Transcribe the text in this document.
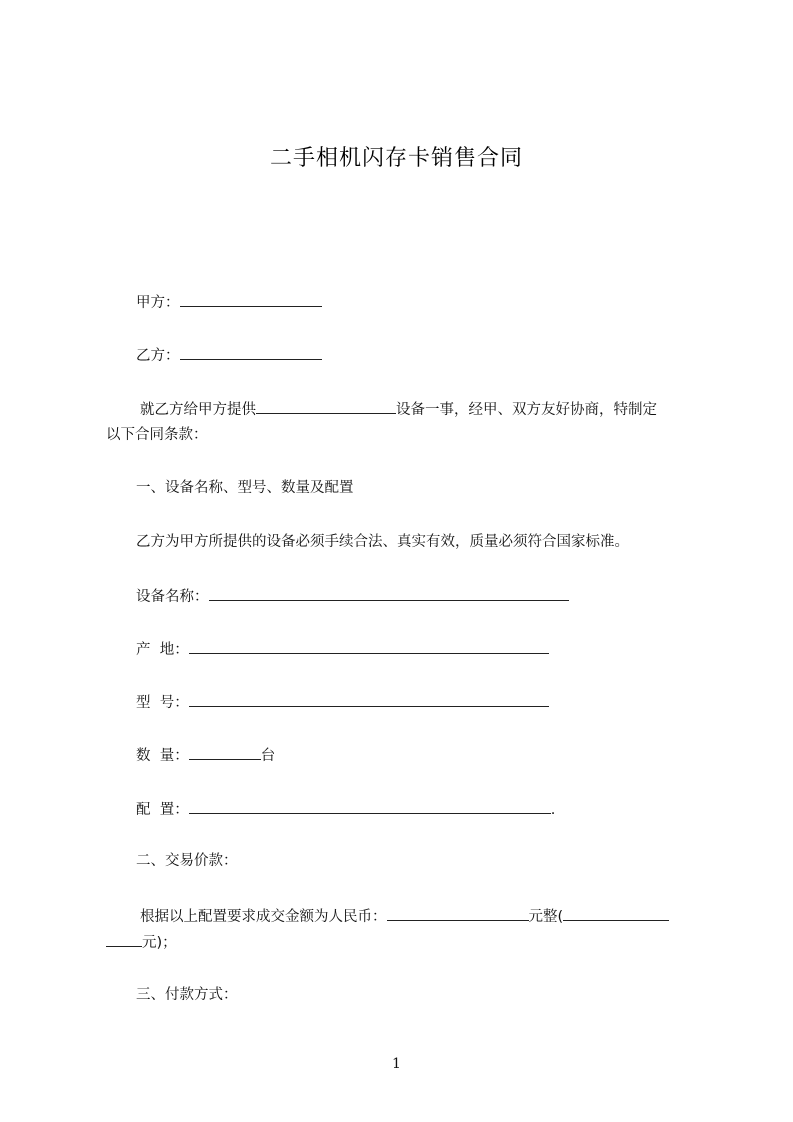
二手相机闪存卡销售合同
甲方：
乙方：
就乙方给甲方提供	设备一事，经甲、双方友好协商，特制定
以下合同条款：
一、设备名称、型号、数量及配置
乙方为甲方所提供的设备必须手续合法、真实有效，质量必须符合国家标准。
设备名称：
产  地：
型  号：
数  量：	台
配  置：	.
二、交易价款：
根据以上配置要求成交金额为人民币：	元整(
元)；
三、付款方式：
1
